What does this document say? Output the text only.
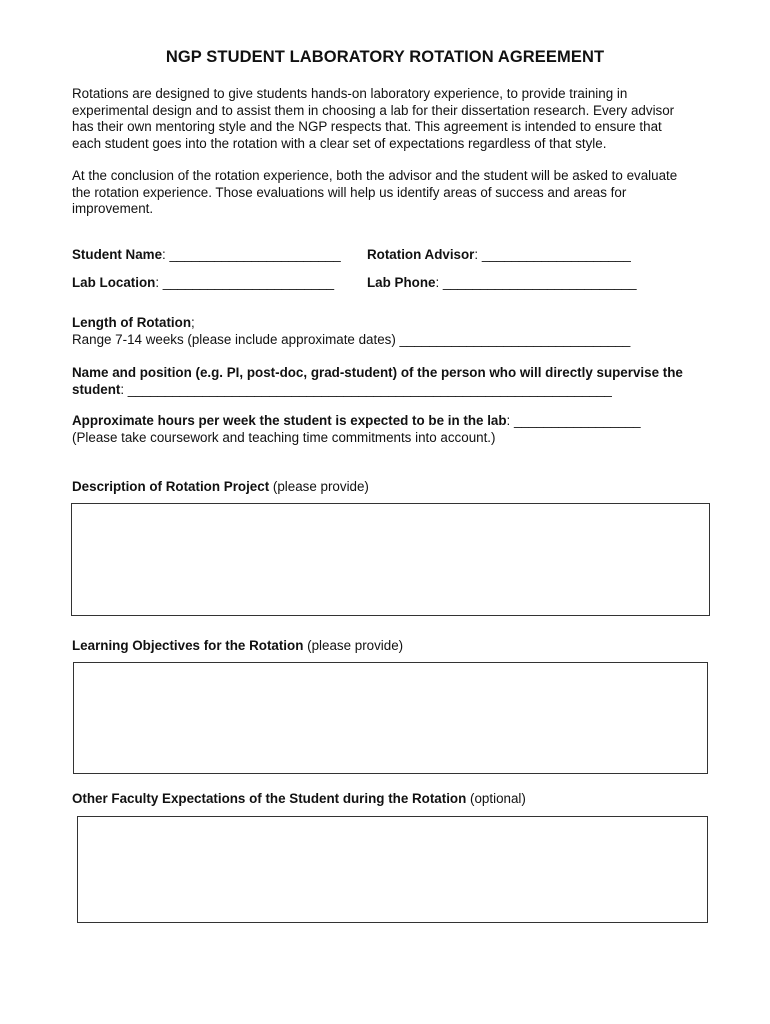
NGP STUDENT LABORATORY ROTATION AGREEMENT
Rotations are designed to give students hands-on laboratory experience, to provide training in
experimental design and to assist them in choosing a lab for their dissertation research. Every advisor
has their own mentoring style and the NGP respects that. This agreement is intended to ensure that
each student goes into the rotation with a clear set of expectations regardless of that style.
At the conclusion of the rotation experience, both the advisor and the student will be asked to evaluate
the rotation experience. Those evaluations will help us identify areas of success and areas for
improvement.
Student Name: _______________________ Rotation Advisor: ____________________
Lab Location: _______________________ Lab Phone: __________________________
Length of Rotation;
Range 7-14 weeks (please include approximate dates) _______________________________
Name and position (e.g. PI, post-doc, grad-student) of the person who will directly supervise the
student: _________________________________________________________________
Approximate hours per week the student is expected to be in the lab: _________________
(Please take coursework and teaching time commitments into account.)
Description of Rotation Project (please provide)
Learning Objectives for the Rotation (please provide)
Other Faculty Expectations of the Student during the Rotation (optional)
